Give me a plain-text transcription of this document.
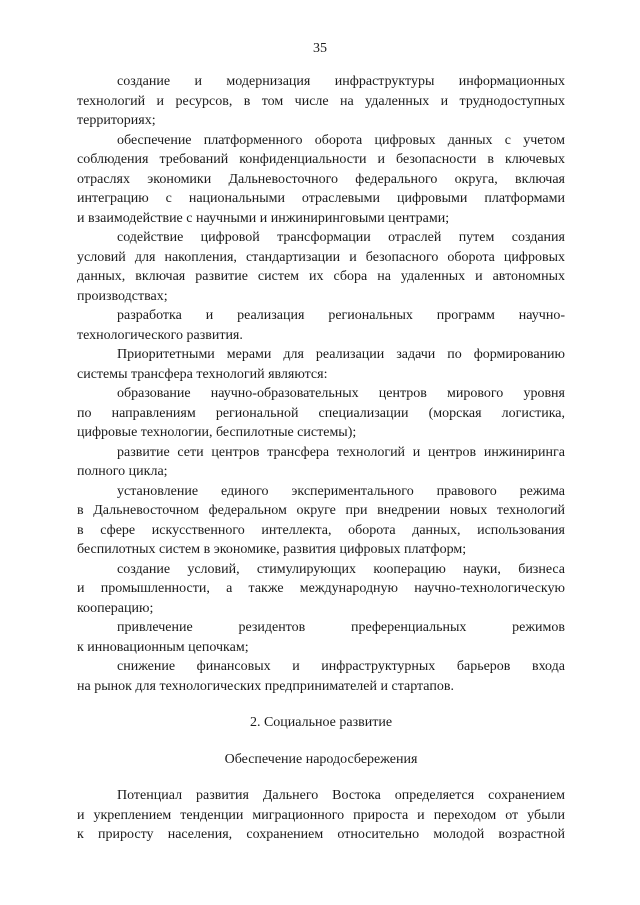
35

создание и модернизация инфраструктуры информационных
технологий и ресурсов, в том числе на удаленных и труднодоступных
территориях;

обеспечение платформенного оборота цифровых данных с учетом
соблюдения требований конфиденциальности и безопасности в ключевых
отраслях экономики Дальневосточного федерального округа, включая
интеграцию с национальными отраслевыми цифровыми платформами
и взаимодействие с научными и инжиниринговыми центрами;

содействие цифровой трансформации отраслей путем создания
условий для накопления, стандартизации и безопасного оборота цифровых
данных, включая развитие систем их сбора на удаленных и автономных
производствах;

разработка и реализация региональных программ научно-
технологического развития.

Приоритетными мерами для реализации задачи по формированию
системы трансфера технологий являются:

образование научно-образовательных центров мирового уровня
по направлениям региональной специализации (морская логистика,
цифровые технологии, беспилотные системы);

развитие сети центров трансфера технологий и центров инжиниринга
полного цикла;

установление единого экспериментального правового режима
в Дальневосточном федеральном округе при внедрении новых технологий
в сфере искусственного интеллекта, оборота данных, использования
беспилотных систем в экономике, развития цифровых платформ;

создание условий, стимулирующих кооперацию науки, бизнеса
и промышленности, а также международную научно-технологическую
кооперацию;

привлечение резидентов преференциальных режимов
к инновационным цепочкам;

снижение финансовых и инфраструктурных барьеров входа
на рынок для технологических предпринимателей и стартапов.

2. Социальное развитие

Обеспечение народосбережения

Потенциал развития Дальнего Востока определяется сохранением
и укреплением тенденции миграционного прироста и переходом от убыли
к приросту населения, сохранением относительно молодой возрастной
